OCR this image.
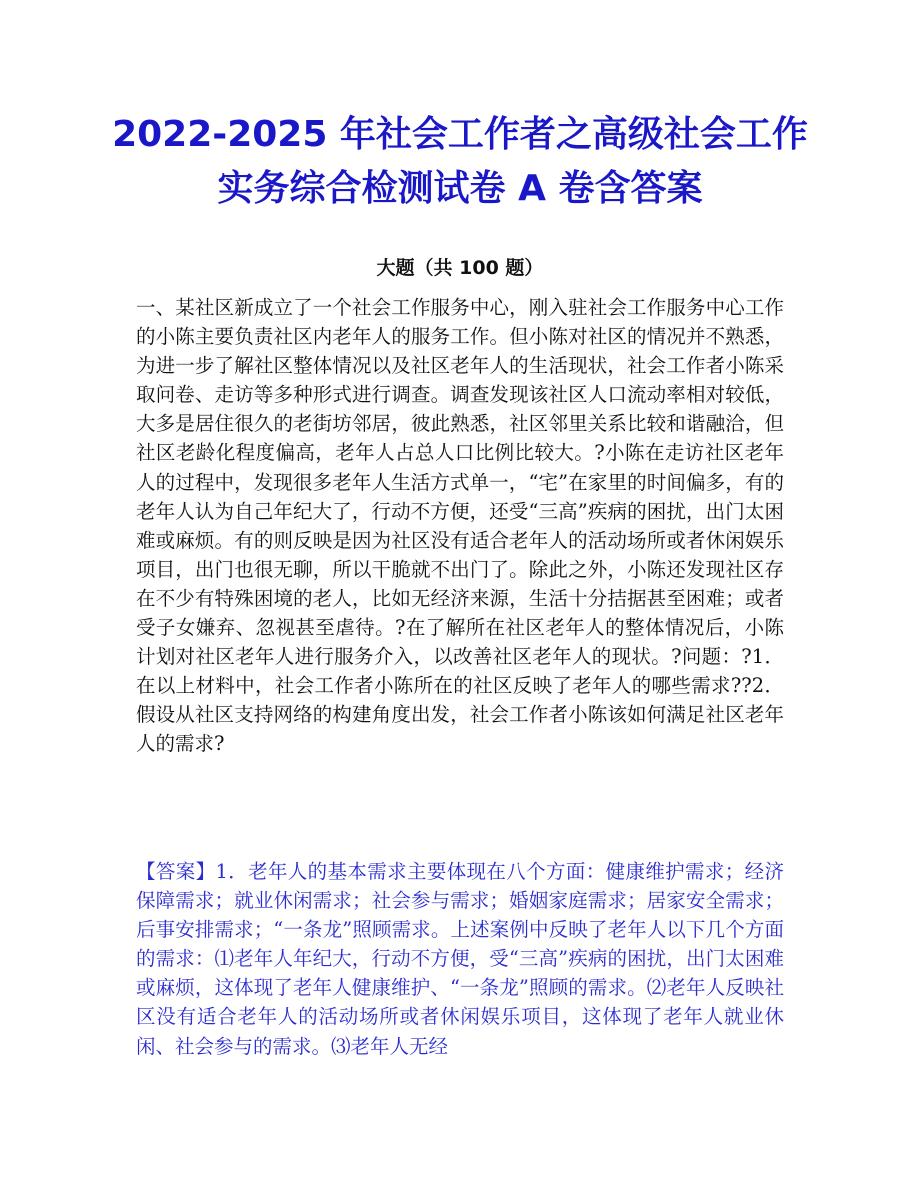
2022-2025 年社会工作者之高级社会工作
实务综合检测试卷 A 卷含答案
大题（共 100 题）
一、某社区新成立了一个社会工作服务中心，刚入驻社会工作服务中心工作的小陈主要负责社区内老年人的服务工作。但小陈对社区的情况并不熟悉，为进一步了解社区整体情况以及社区老年人的生活现状，社会工作者小陈采取问卷、走访等多种形式进行调查。调查发现该社区人口流动率相对较低，大多是居住很久的老街坊邻居，彼此熟悉，社区邻里关系比较和谐融洽，但社区老龄化程度偏高，老年人占总人口比例比较大。?小陈在走访社区老年人的过程中，发现很多老年人生活方式单一，“宅”在家里的时间偏多，有的老年人认为自己年纪大了，行动不方便，还受“三高”疾病的困扰，出门太困难或麻烦。有的则反映是因为社区没有适合老年人的活动场所或者休闲娱乐项目，出门也很无聊，所以干脆就不出门了。除此之外，小陈还发现社区存在不少有特殊困境的老人，比如无经济来源，生活十分拮据甚至困难；或者受子女嫌弃、忽视甚至虐待。?在了解所在社区老年人的整体情况后，小陈计划对社区老年人进行服务介入，以改善社区老年人的现状。?问题：?1．在以上材料中，社会工作者小陈所在的社区反映了老年人的哪些需求??2．假设从社区支持网络的构建角度出发，社会工作者小陈该如何满足社区老年人的需求?
【答案】1．老年人的基本需求主要体现在八个方面：健康维护需求；经济保障需求；就业休闲需求；社会参与需求；婚姻家庭需求；居家安全需求；后事安排需求；“一条龙”照顾需求。上述案例中反映了老年人以下几个方面的需求：⑴老年人年纪大，行动不方便，受“三高”疾病的困扰，出门太困难或麻烦，这体现了老年人健康维护、“一条龙”照顾的需求。⑵老年人反映社区没有适合老年人的活动场所或者休闲娱乐项目，这体现了老年人就业休闲、社会参与的需求。⑶老年人无经
